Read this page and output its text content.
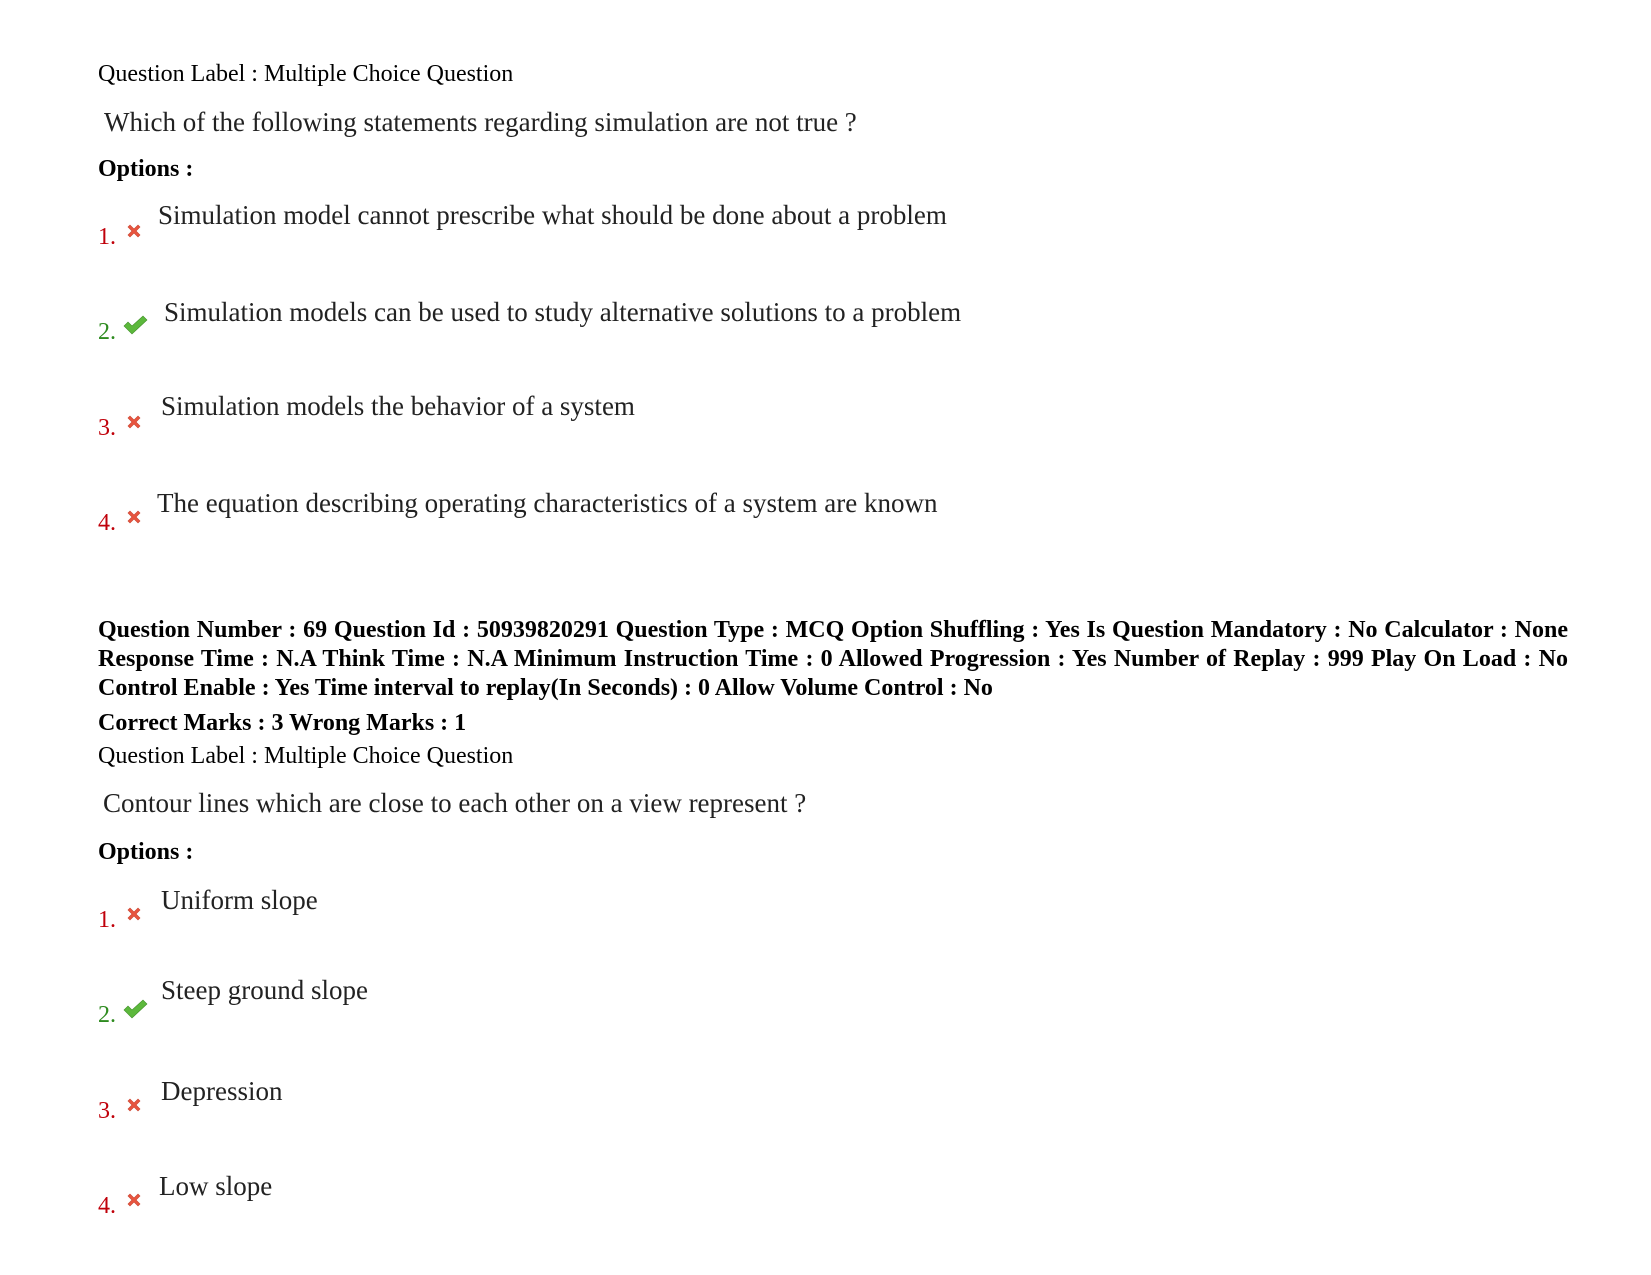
Question Label : Multiple Choice Question
Which of the following statements regarding simulation are not true ?
Options :
1.
Simulation model cannot prescribe what should be done about a problem
2.
Simulation models can be used to study alternative solutions to a problem
3.
Simulation models the behavior of a system
4.
The equation describing operating characteristics of a system are known
Question Number : 69 Question Id : 50939820291 Question Type : MCQ Option Shuffling : Yes Is Question Mandatory : No Calculator : None Response Time : N.A Think Time : N.A Minimum Instruction Time : 0 Allowed Progression : Yes Number of Replay : 999 Play On Load : No Control Enable : Yes Time interval to replay(In Seconds) : 0 Allow Volume Control : No
Correct Marks : 3 Wrong Marks : 1
Question Label : Multiple Choice Question
Contour lines which are close to each other on a view represent ?
Options :
1.
Uniform slope
2.
Steep ground slope
3.
Depression
4.
Low slope
